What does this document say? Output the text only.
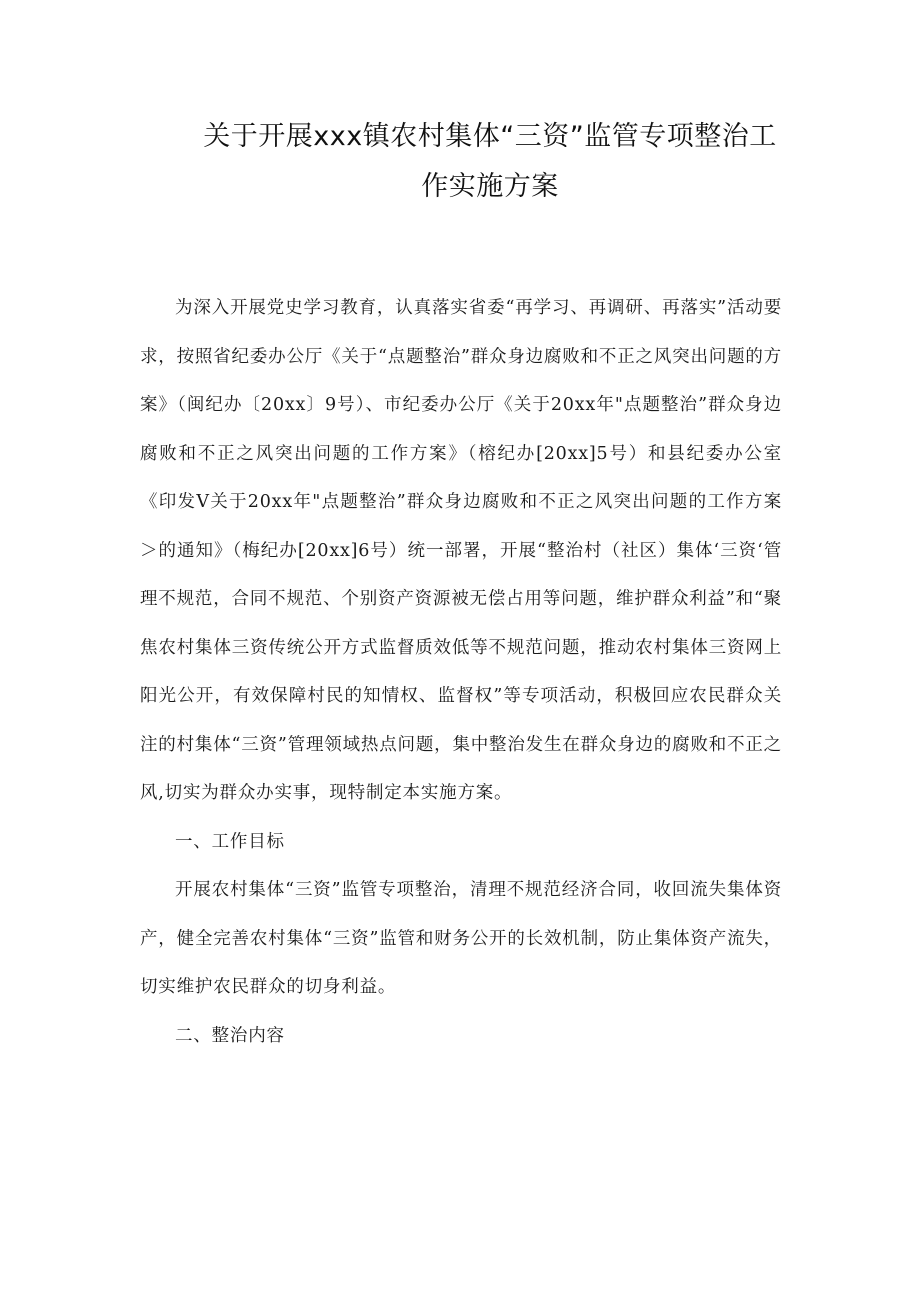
关于开展xxx镇农村集体“三资”监管专项整治工
作实施方案

为深入开展党史学习教育，认真落实省委“再学习、再调研、再落实”活动要求，按照省纪委办公厅《关于“点题整治”群众身边腐败和不正之风突出问题的方案》（闽纪办〔20xx〕9号）、市纪委办公厅《关于20xx年"点题整治”群众身边腐败和不正之风突出问题的工作方案》（榕纪办[20xx]5号）和县纪委办公室《印发V关于20xx年"点题整治”群众身边腐败和不正之风突出问题的工作方案＞的通知》（梅纪办[20xx]6号）统一部署，开展“整治村（社区）集体‘三资‘管理不规范，合同不规范、个别资产资源被无偿占用等问题，维护群众利益”和“聚焦农村集体三资传统公开方式监督质效低等不规范问题，推动农村集体三资网上阳光公开，有效保障村民的知情权、监督权”等专项活动，积极回应农民群众关注的村集体“三资”管理领域热点问题，集中整治发生在群众身边的腐败和不正之风,切实为群众办实事，现特制定本实施方案。

一、工作目标

开展农村集体“三资”监管专项整治，清理不规范经济合同，收回流失集体资产，健全完善农村集体“三资”监管和财务公开的长效机制，防止集体资产流失，切实维护农民群众的切身利益。

二、整治内容
